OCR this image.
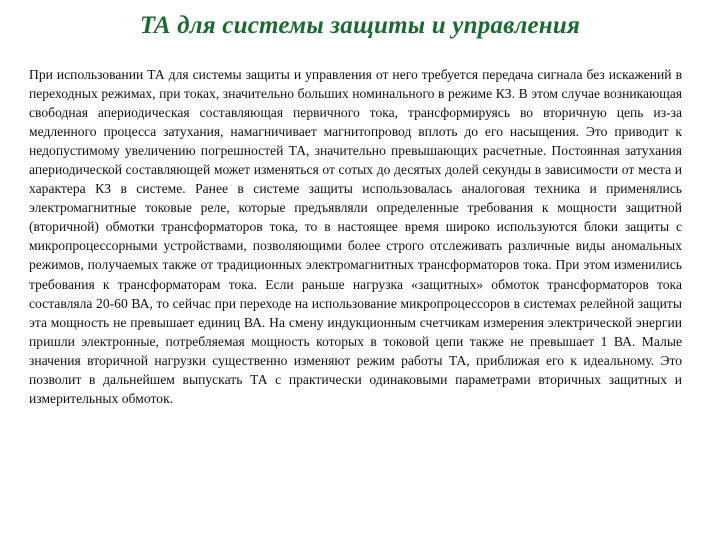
ТА для системы защиты и управления

При использовании ТА для системы защиты и управления от него требуется передача сигнала без искажений в переходных режимах, при токах, значительно больших номинального в режиме КЗ. В этом случае возникающая свободная апериодическая составляющая первичного тока, трансформируясь во вторичную цепь из-за медленного процесса затухания, намагничивает магнитопровод вплоть до его насыщения. Это приводит к недопустимому увеличению погрешностей ТА, значительно превышающих расчетные. Постоянная затухания апериодической составляющей может изменяться от сотых до десятых долей секунды в зависимости от места и характера КЗ в системе. Ранее в системе защиты использовалась аналоговая техника и применялись электромагнитные токовые реле, которые предъявляли определенные требования к мощности защитной (вторичной) обмотки трансформаторов тока, то в настоящее время широко используются блоки защиты с микропроцессорными устройствами, позволяющими более строго отслеживать различные виды аномальных режимов, получаемых также от традиционных электромагнитных трансформаторов тока. При этом изменились требования к трансформаторам тока. Если раньше нагрузка «защитных» обмоток трансформаторов тока составляла 20-60 ВА, то сейчас при переходе на использование микропроцессоров в системах релейной защиты эта мощность не превышает единиц ВА. На смену индукционным счетчикам измерения электрической энергии пришли электронные, потребляемая мощность которых в токовой цепи также не превышает 1 ВА. Малые значения вторичной нагрузки существенно изменяют режим работы ТА, приближая его к идеальному. Это позволит в дальнейшем выпускать ТА с практически одинаковыми параметрами вторичных защитных и измерительных обмоток.
